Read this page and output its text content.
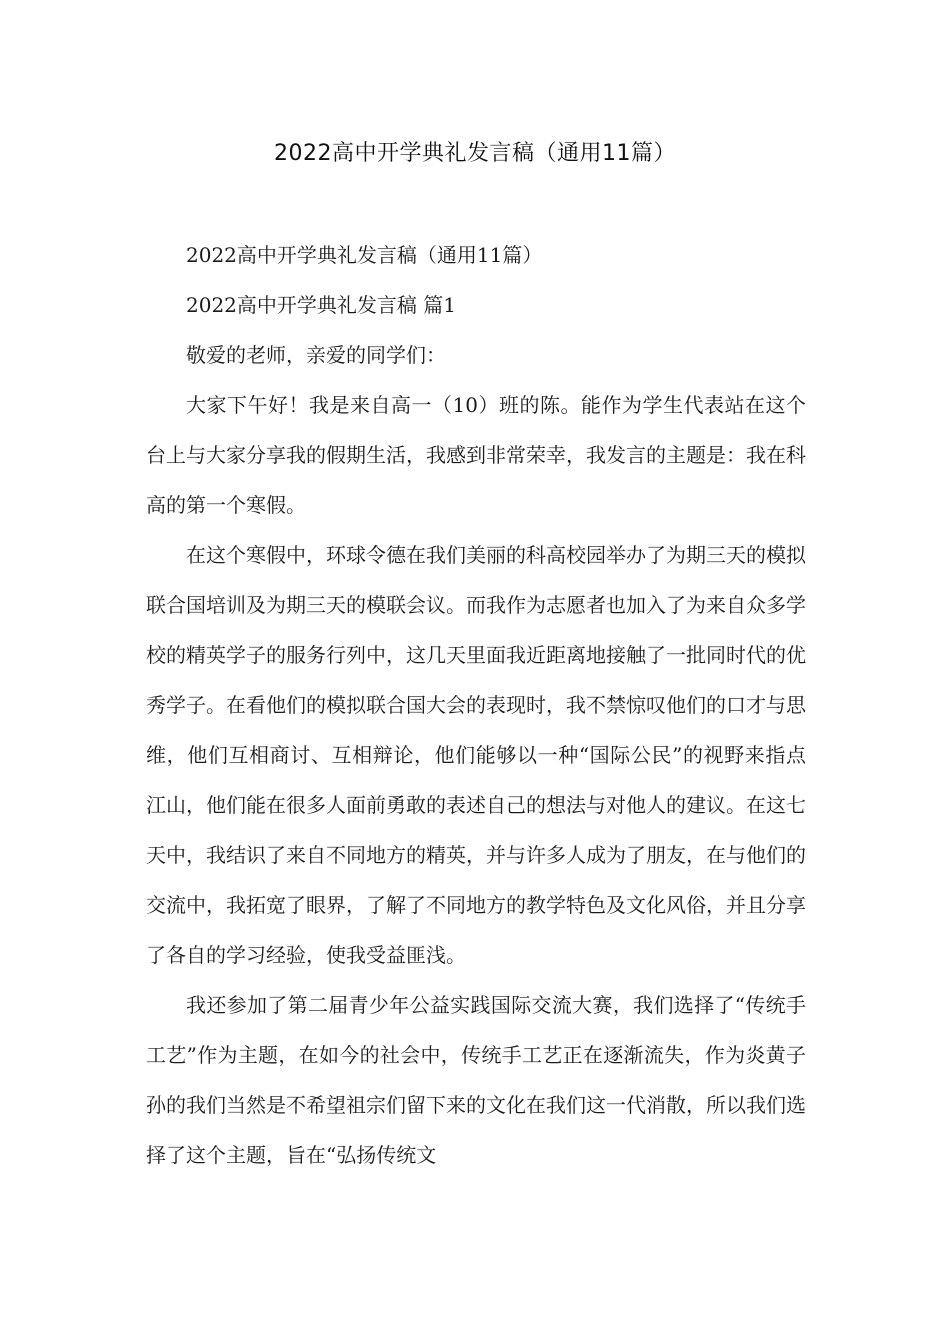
2022高中开学典礼发言稿（通用11篇）

2022高中开学典礼发言稿（通用11篇）

2022高中开学典礼发言稿 篇1

敬爱的老师，亲爱的同学们：

大家下午好！我是来自高一（10）班的陈。能作为学生代表站在这个台上与大家分享我的假期生活，我感到非常荣幸，我发言的主题是：我在科高的第一个寒假。

在这个寒假中，环球令德在我们美丽的科高校园举办了为期三天的模拟联合国培训及为期三天的模联会议。而我作为志愿者也加入了为来自众多学校的精英学子的服务行列中，这几天里面我近距离地接触了一批同时代的优秀学子。在看他们的模拟联合国大会的表现时，我不禁惊叹他们的口才与思维，他们互相商讨、互相辩论，他们能够以一种“国际公民”的视野来指点江山，他们能在很多人面前勇敢的表述自己的想法与对他人的建议。在这七天中，我结识了来自不同地方的精英，并与许多人成为了朋友，在与他们的交流中，我拓宽了眼界，了解了不同地方的教学特色及文化风俗，并且分享了各自的学习经验，使我受益匪浅。

我还参加了第二届青少年公益实践国际交流大赛，我们选择了“传统手工艺”作为主题，在如今的社会中，传统手工艺正在逐渐流失，作为炎黄子孙的我们当然是不希望祖宗们留下来的文化在我们这一代消散，所以我们选择了这个主题，旨在“弘扬传统文
